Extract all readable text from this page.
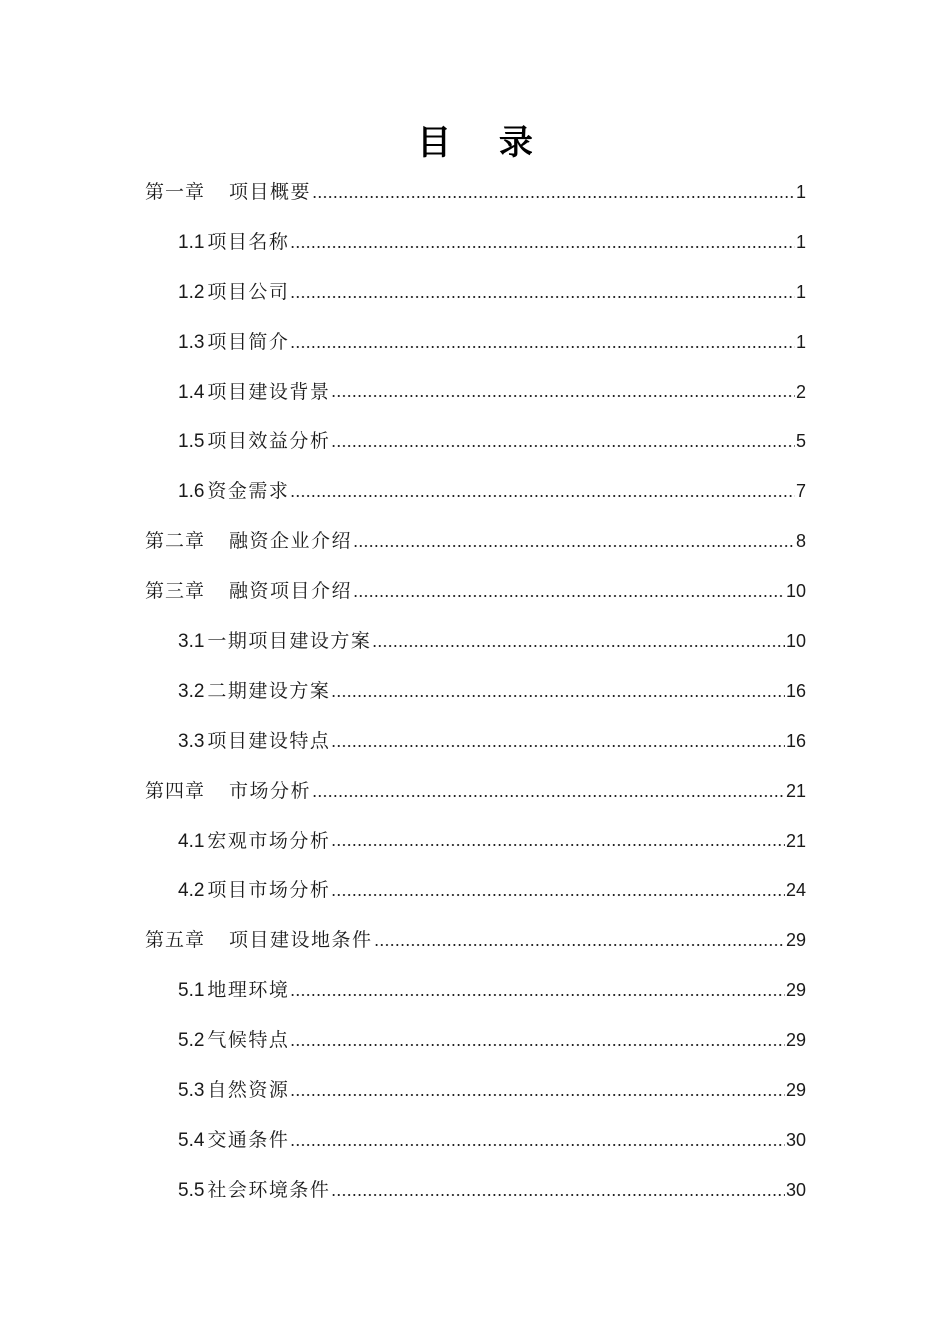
目 录
第一章 项目概要	1
1.1 项目名称	1
1.2 项目公司	1
1.3 项目简介	1
1.4 项目建设背景	2
1.5 项目效益分析	5
1.6 资金需求	7
第二章 融资企业介绍	8
第三章 融资项目介绍	10
3.1 一期项目建设方案	10
3.2 二期建设方案	16
3.3 项目建设特点	16
第四章 市场分析	21
4.1 宏观市场分析	21
4.2 项目市场分析	24
第五章 项目建设地条件	29
5.1 地理环境	29
5.2 气候特点	29
5.3 自然资源	29
5.4 交通条件	30
5.5 社会环境条件	30
